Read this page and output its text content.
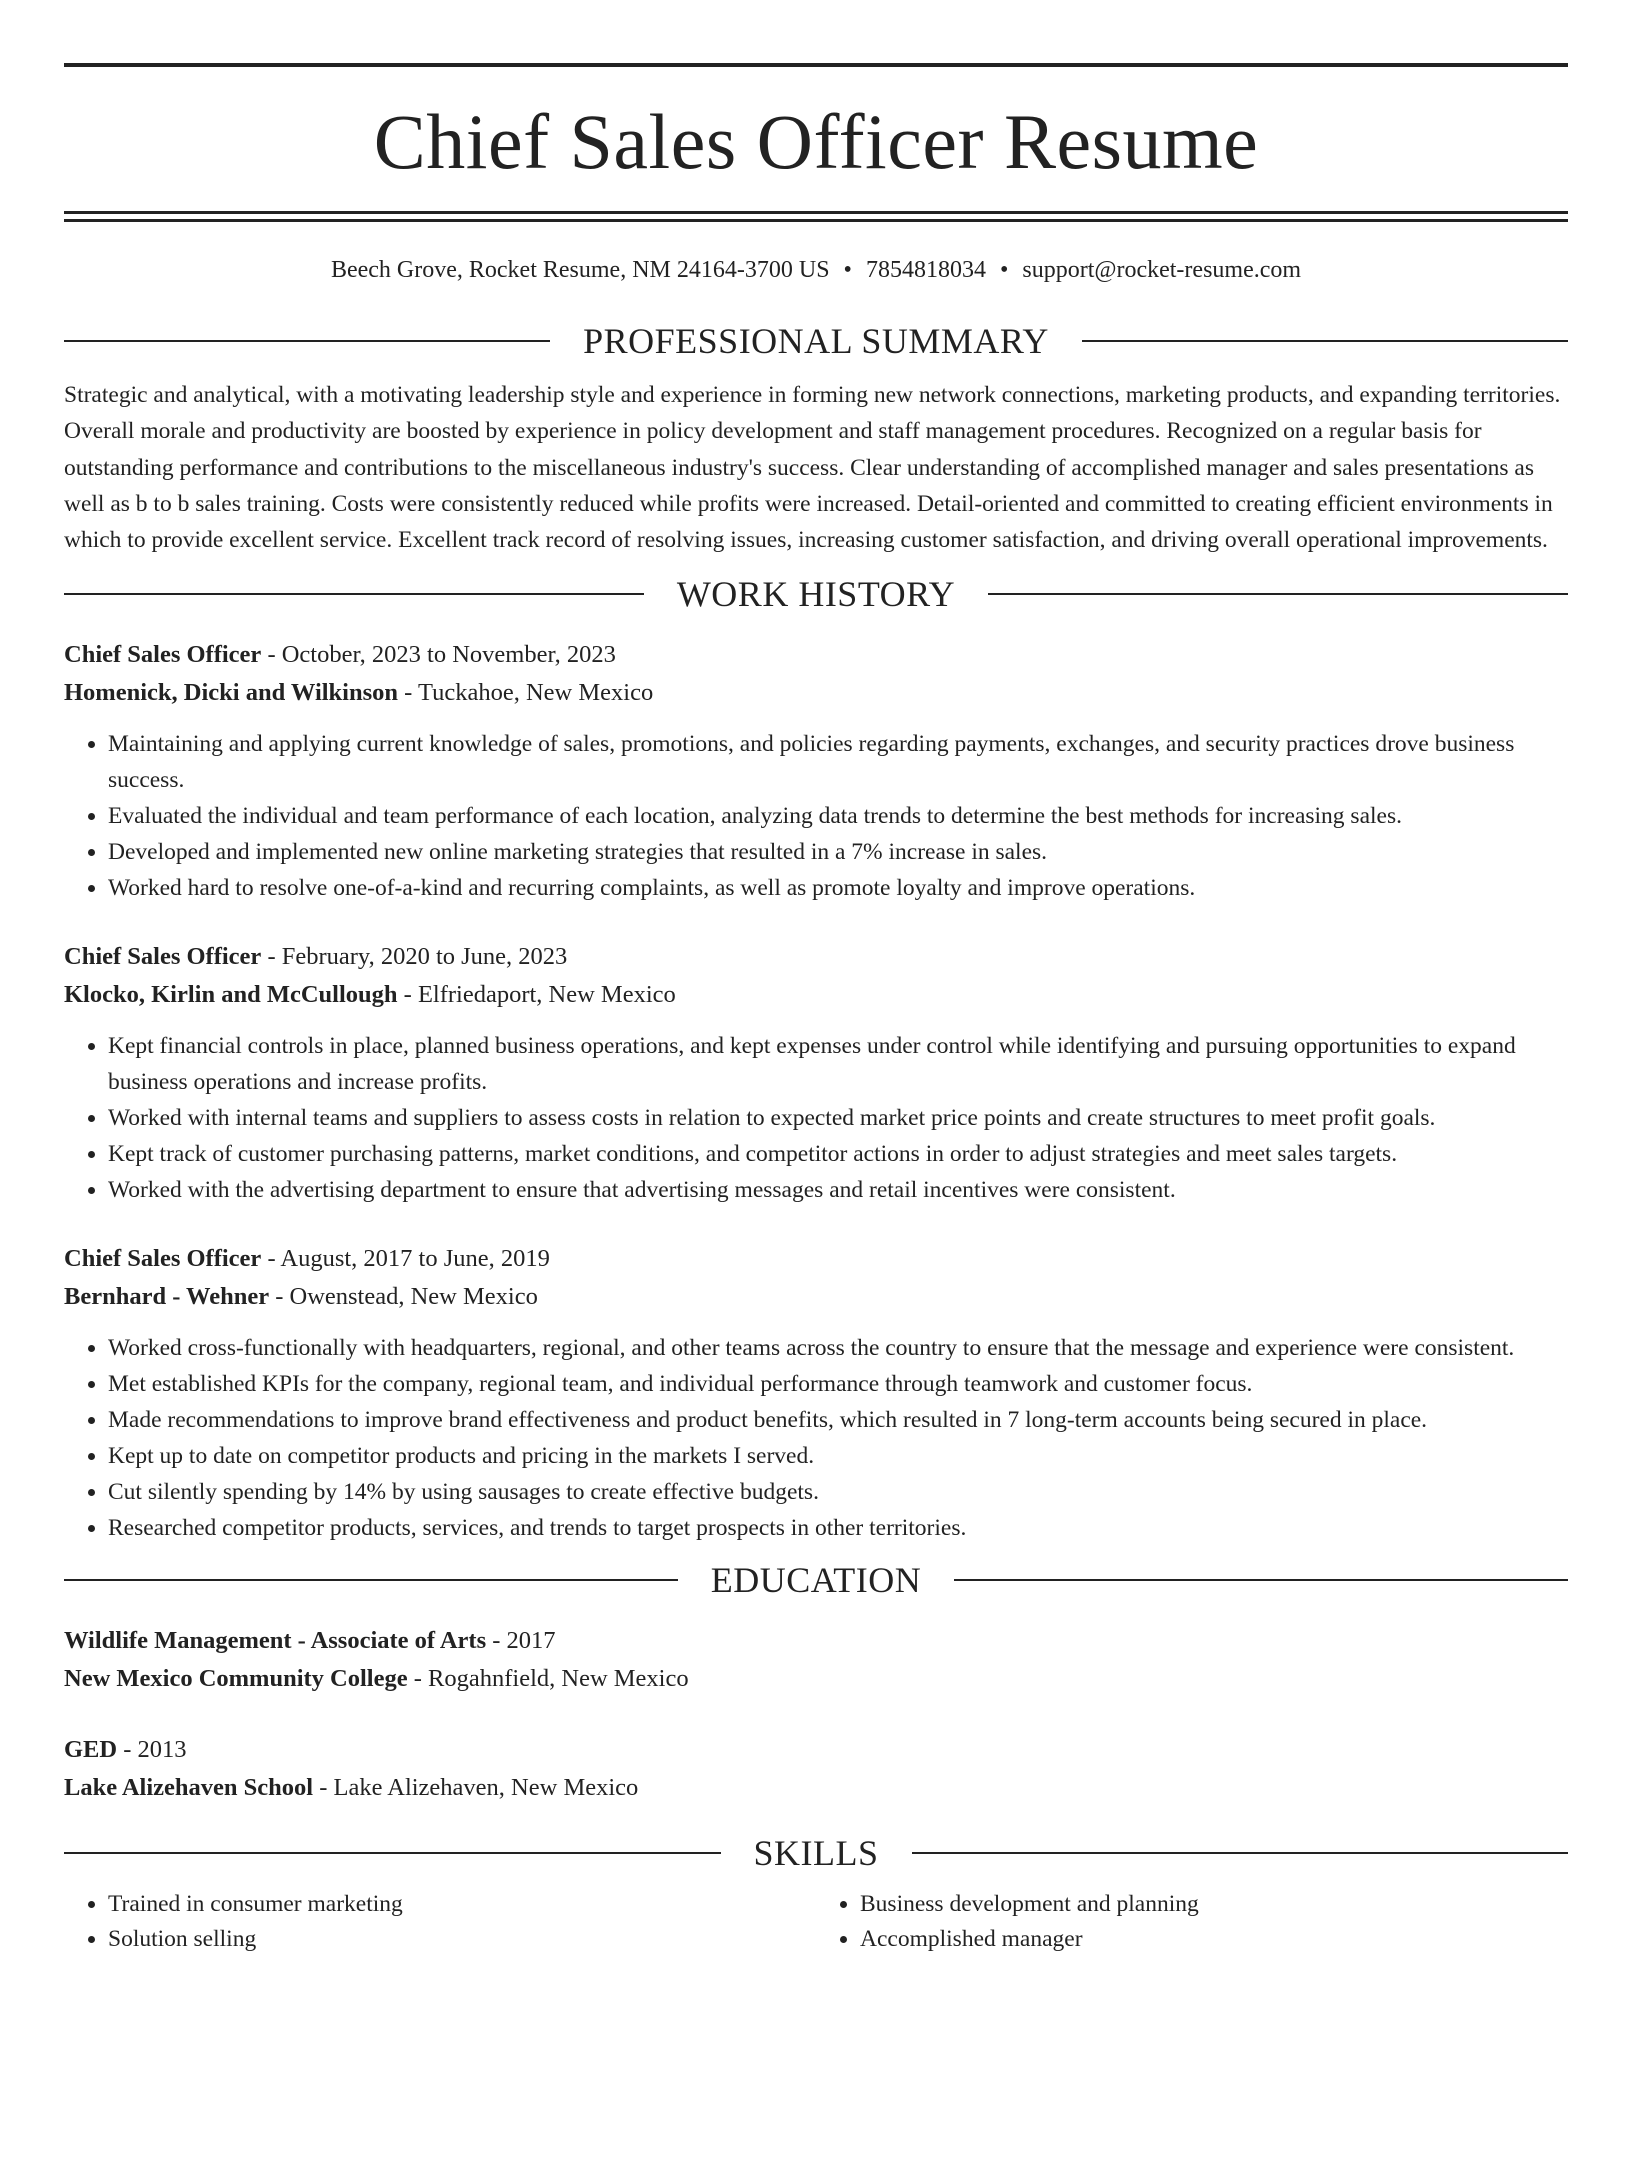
Chief Sales Officer Resume
Beech Grove, Rocket Resume, NM 24164-3700 US • 7854818034 • support@rocket-resume.com
PROFESSIONAL SUMMARY

Strategic and analytical, with a motivating leadership style and experience in forming new network connections, marketing products, and expanding territories. Overall morale and productivity are boosted by experience in policy development and staff management procedures. Recognized on a regular basis for outstanding performance and contributions to the miscellaneous industry's success. Clear understanding of accomplished manager and sales presentations as well as b to b sales training. Costs were consistently reduced while profits were increased. Detail-oriented and committed to creating efficient environments in which to provide excellent service. Excellent track record of resolving issues, increasing customer satisfaction, and driving overall operational improvements.

WORK HISTORY
Chief Sales Officer - October, 2023 to November, 2023
Homenick, Dicki and Wilkinson - Tuckahoe, New Mexico
• Maintaining and applying current knowledge of sales, promotions, and policies regarding payments, exchanges, and security practices drove business success.
• Evaluated the individual and team performance of each location, analyzing data trends to determine the best methods for increasing sales.
• Developed and implemented new online marketing strategies that resulted in a 7% increase in sales.
• Worked hard to resolve one-of-a-kind and recurring complaints, as well as promote loyalty and improve operations.
Chief Sales Officer - February, 2020 to June, 2023
Klocko, Kirlin and McCullough - Elfriedaport, New Mexico
• Kept financial controls in place, planned business operations, and kept expenses under control while identifying and pursuing opportunities to expand business operations and increase profits.
• Worked with internal teams and suppliers to assess costs in relation to expected market price points and create structures to meet profit goals.
• Kept track of customer purchasing patterns, market conditions, and competitor actions in order to adjust strategies and meet sales targets.
• Worked with the advertising department to ensure that advertising messages and retail incentives were consistent.
Chief Sales Officer - August, 2017 to June, 2019
Bernhard - Wehner - Owenstead, New Mexico
• Worked cross-functionally with headquarters, regional, and other teams across the country to ensure that the message and experience were consistent.
• Met established KPIs for the company, regional team, and individual performance through teamwork and customer focus.
• Made recommendations to improve brand effectiveness and product benefits, which resulted in 7 long-term accounts being secured in place.
• Kept up to date on competitor products and pricing in the markets I served.
• Cut silently spending by 14% by using sausages to create effective budgets.
• Researched competitor products, services, and trends to target prospects in other territories.
EDUCATION
Wildlife Management - Associate of Arts - 2017
New Mexico Community College - Rogahnfield, New Mexico
GED - 2013
Lake Alizehaven School - Lake Alizehaven, New Mexico
SKILLS
• Trained in consumer marketing
• Solution selling
• Business development and planning
• Accomplished manager
